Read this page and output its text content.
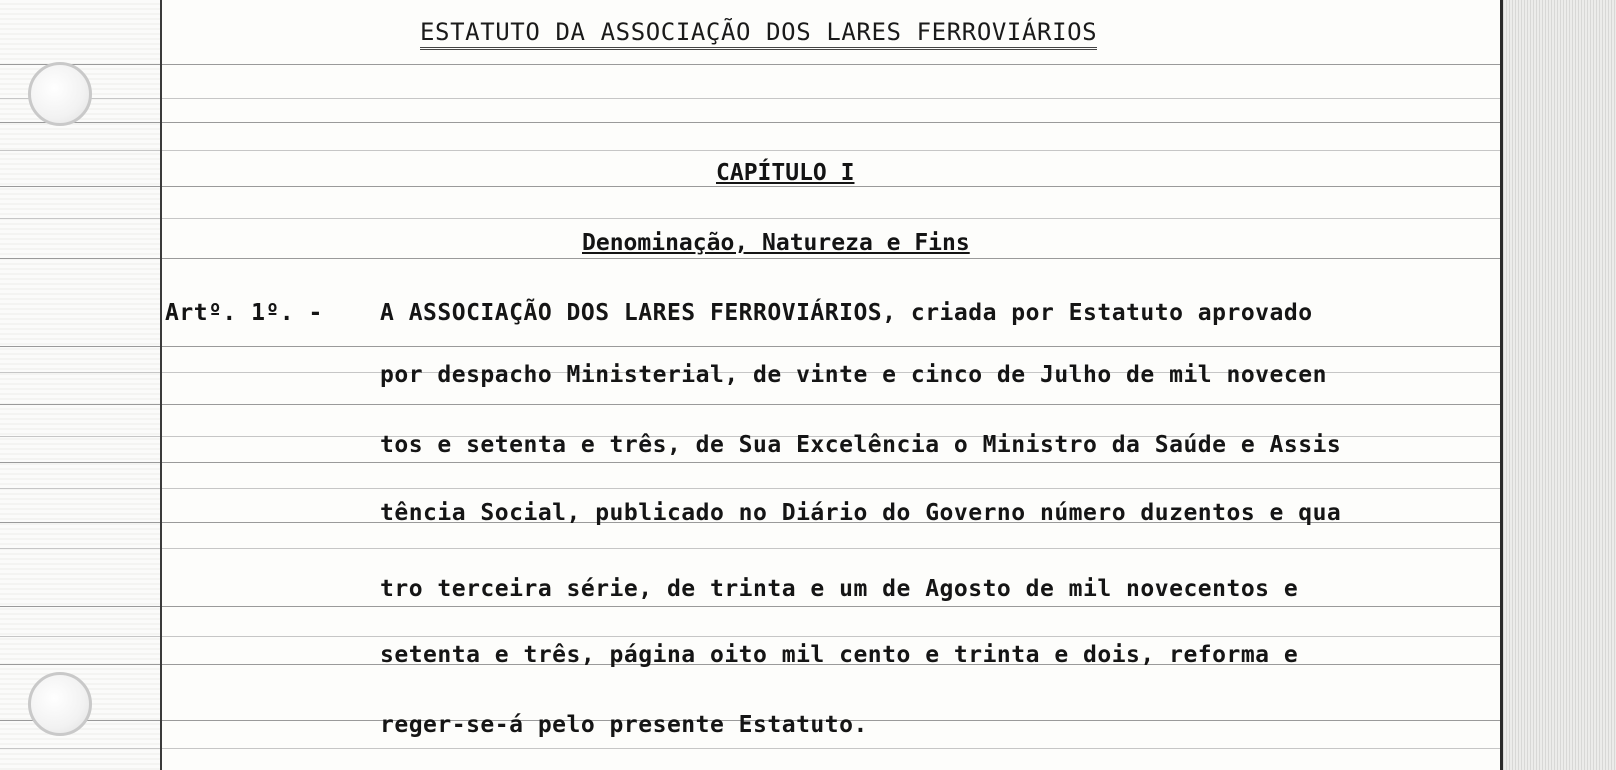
ESTATUTO DA ASSOCIAÇÃO DOS LARES FERROVIÁRIOS
CAPÍTULO I
Denominação, Natureza e Fins
Artº. 1º. - A ASSOCIAÇÃO DOS LARES FERROVIÁRIOS, criada por Estatuto aprovado
por despacho Ministerial, de vinte e cinco de Julho de mil novecen
tos e setenta e três, de Sua Excelência o Ministro da Saúde e Assis
tência Social, publicado no Diário do Governo número duzentos e qua
tro terceira série, de trinta e um de Agosto de mil novecentos e
setenta e três, página oito mil cento e trinta e dois, reforma e
reger-se-á pelo presente Estatuto.
